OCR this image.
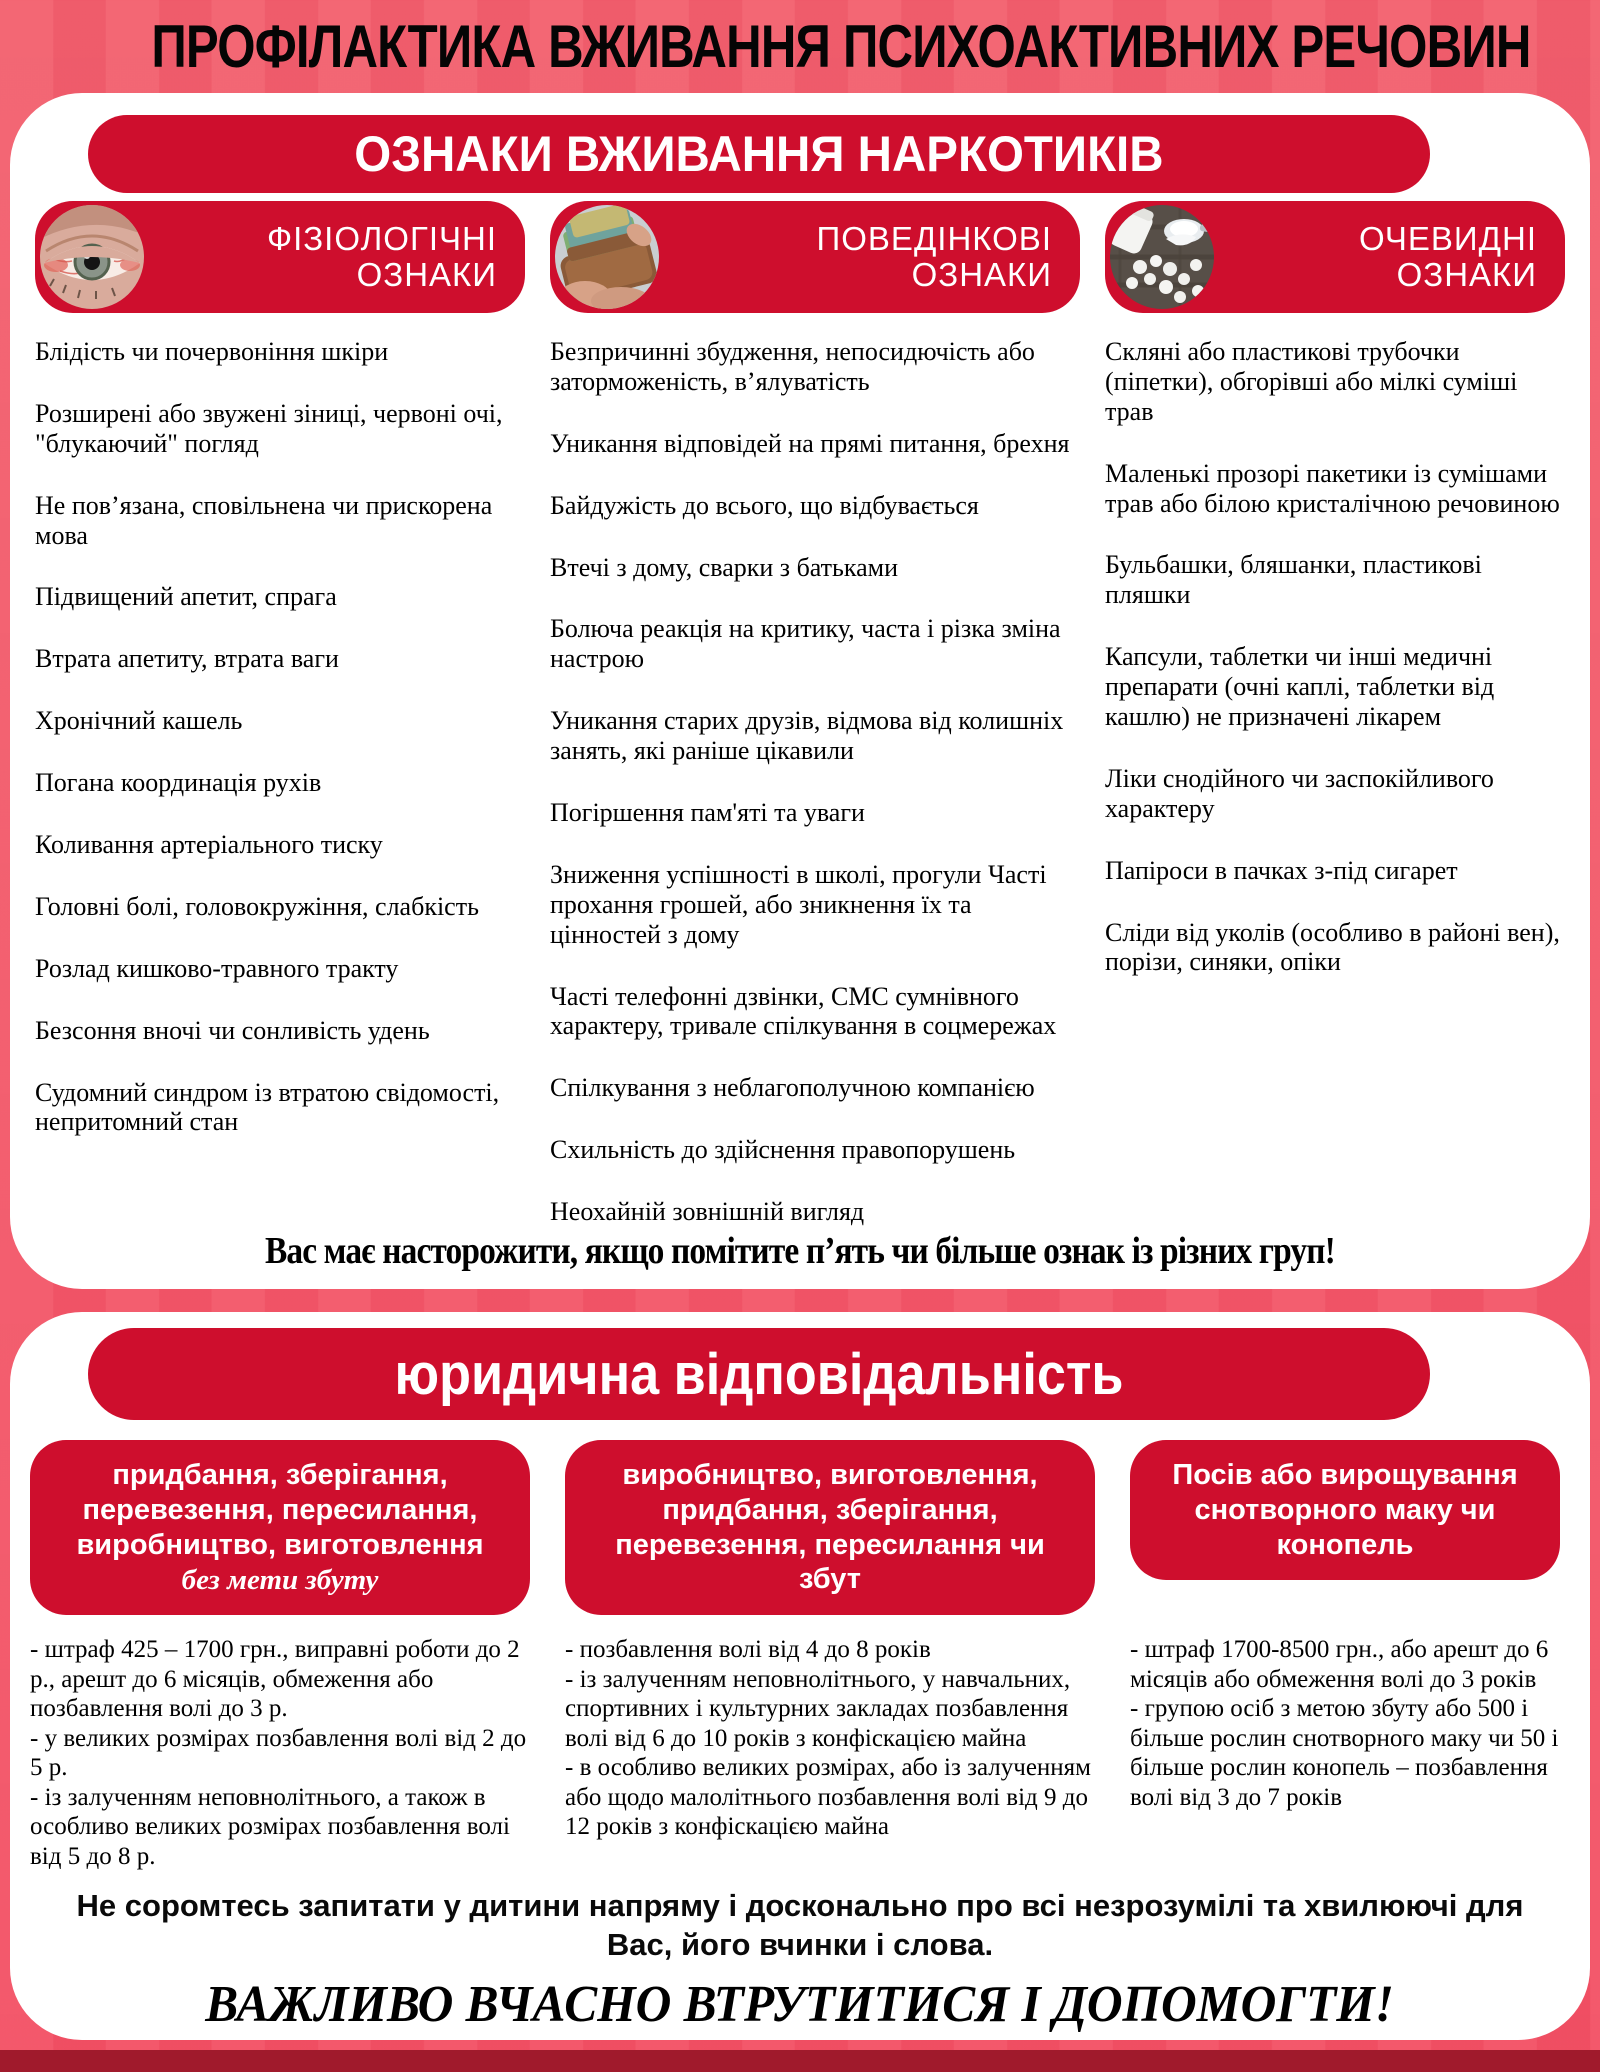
ПРОФІЛАКТИКА ВЖИВАННЯ ПСИХОАКТИВНИХ РЕЧОВИН
ОЗНАКИ ВЖИВАННЯ НАРКОТИКІВ
ФІЗІОЛОГІЧНІ
ОЗНАКИ

Блідість чи почервоніння шкіри

Розширені або звужені зіниці, червоні очі, "блукаючий" погляд

Не пов’язана, сповільнена чи прискорена мова

Підвищений апетит, спрага

Втрата апетиту, втрата ваги

Хронічний кашель

Погана координація рухів

Коливання артеріального тиску

Головні болі, головокружіння, слабкість

Розлад кишково-травного тракту

Безсоння вночі чи сонливість удень

Судомний синдром із втратою свідомості, непритомний стан

ПОВЕДІНКОВІ
ОЗНАКИ

Безпричинні збудження, непосидючість або заторможеність, в’ялуватість

Уникання відповідей на прямі питання, брехня

Байдужість до всього, що відбувається

Втечі з дому, сварки з батьками

Болюча реакція на критику, часта і різка зміна настрою

Уникання старих друзів, відмова від колишніх занять, які раніше цікавили

Погіршення пам'яті та уваги

Зниження успішності в школі, прогули Часті прохання грошей, або зникнення їх та цінностей з дому

Часті телефонні дзвінки, СМС сумнівного характеру, тривале спілкування в соцмережах

Спілкування з неблагополучною компанією

Схильність до здійснення правопорушень

Неохайній зовнішній вигляд

ОЧЕВИДНІ
ОЗНАКИ

Скляні або пластикові трубочки (піпетки), обгорівші або мілкі суміші трав

Маленькі прозорі пакетики із сумішами трав або білою кристалічною речовиною

Бульбашки, бляшанки, пластикові пляшки

Капсули, таблетки чи інші медичні препарати (очні каплі, таблетки від кашлю) не призначені лікарем

Ліки снодійного чи заспокійливого характеру

Папіроси в пачках з-під сигарет

Сліди від уколів (особливо в районі вен), порізи, синяки, опіки

Вас має насторожити, якщо помітите п’ять чи більше ознак із різних груп!
юридична відповідальність
придбання, зберігання, перевезення, пересилання, виробництво, виготовлення
без мети збуту
виробництво, виготовлення, придбання, зберігання, перевезення, пересилання чи збут
Посів або вирощування снотворного маку чи конопель

- штраф 425 – 1700 грн., виправні роботи до 2 р., арешт до 6 місяців, обмеження або позбавлення волі до 3 р.

- у великих розмірах позбавлення волі від 2 до 5 р.

- із залученням неповнолітнього, а також в особливо великих розмірах позбавлення волі від 5 до 8 р.

- позбавлення волі від 4 до 8 років

- із залученням неповнолітнього, у навчальних, спортивних і культурних закладах позбавлення волі від 6 до 10 років з конфіскацією майна

- в особливо великих розмірах, або із залученням або щодо малолітнього позбавлення волі від 9 до 12 років з конфіскацією майна

- штраф 1700-8500 грн., або арешт до 6 місяців або обмеження волі до 3 років

- групою осіб з метою збуту або 500 і більше рослин снотворного маку чи 50 і більше рослин конопель – позбавлення волі від 3 до 7 років

Не соромтесь запитати у дитини напряму і досконально про всі незрозумілі та хвилюючі для Вас, його вчинки і слова.
ВАЖЛИВО ВЧАСНО ВТРУТИТИСЯ І ДОПОМОГТИ!
